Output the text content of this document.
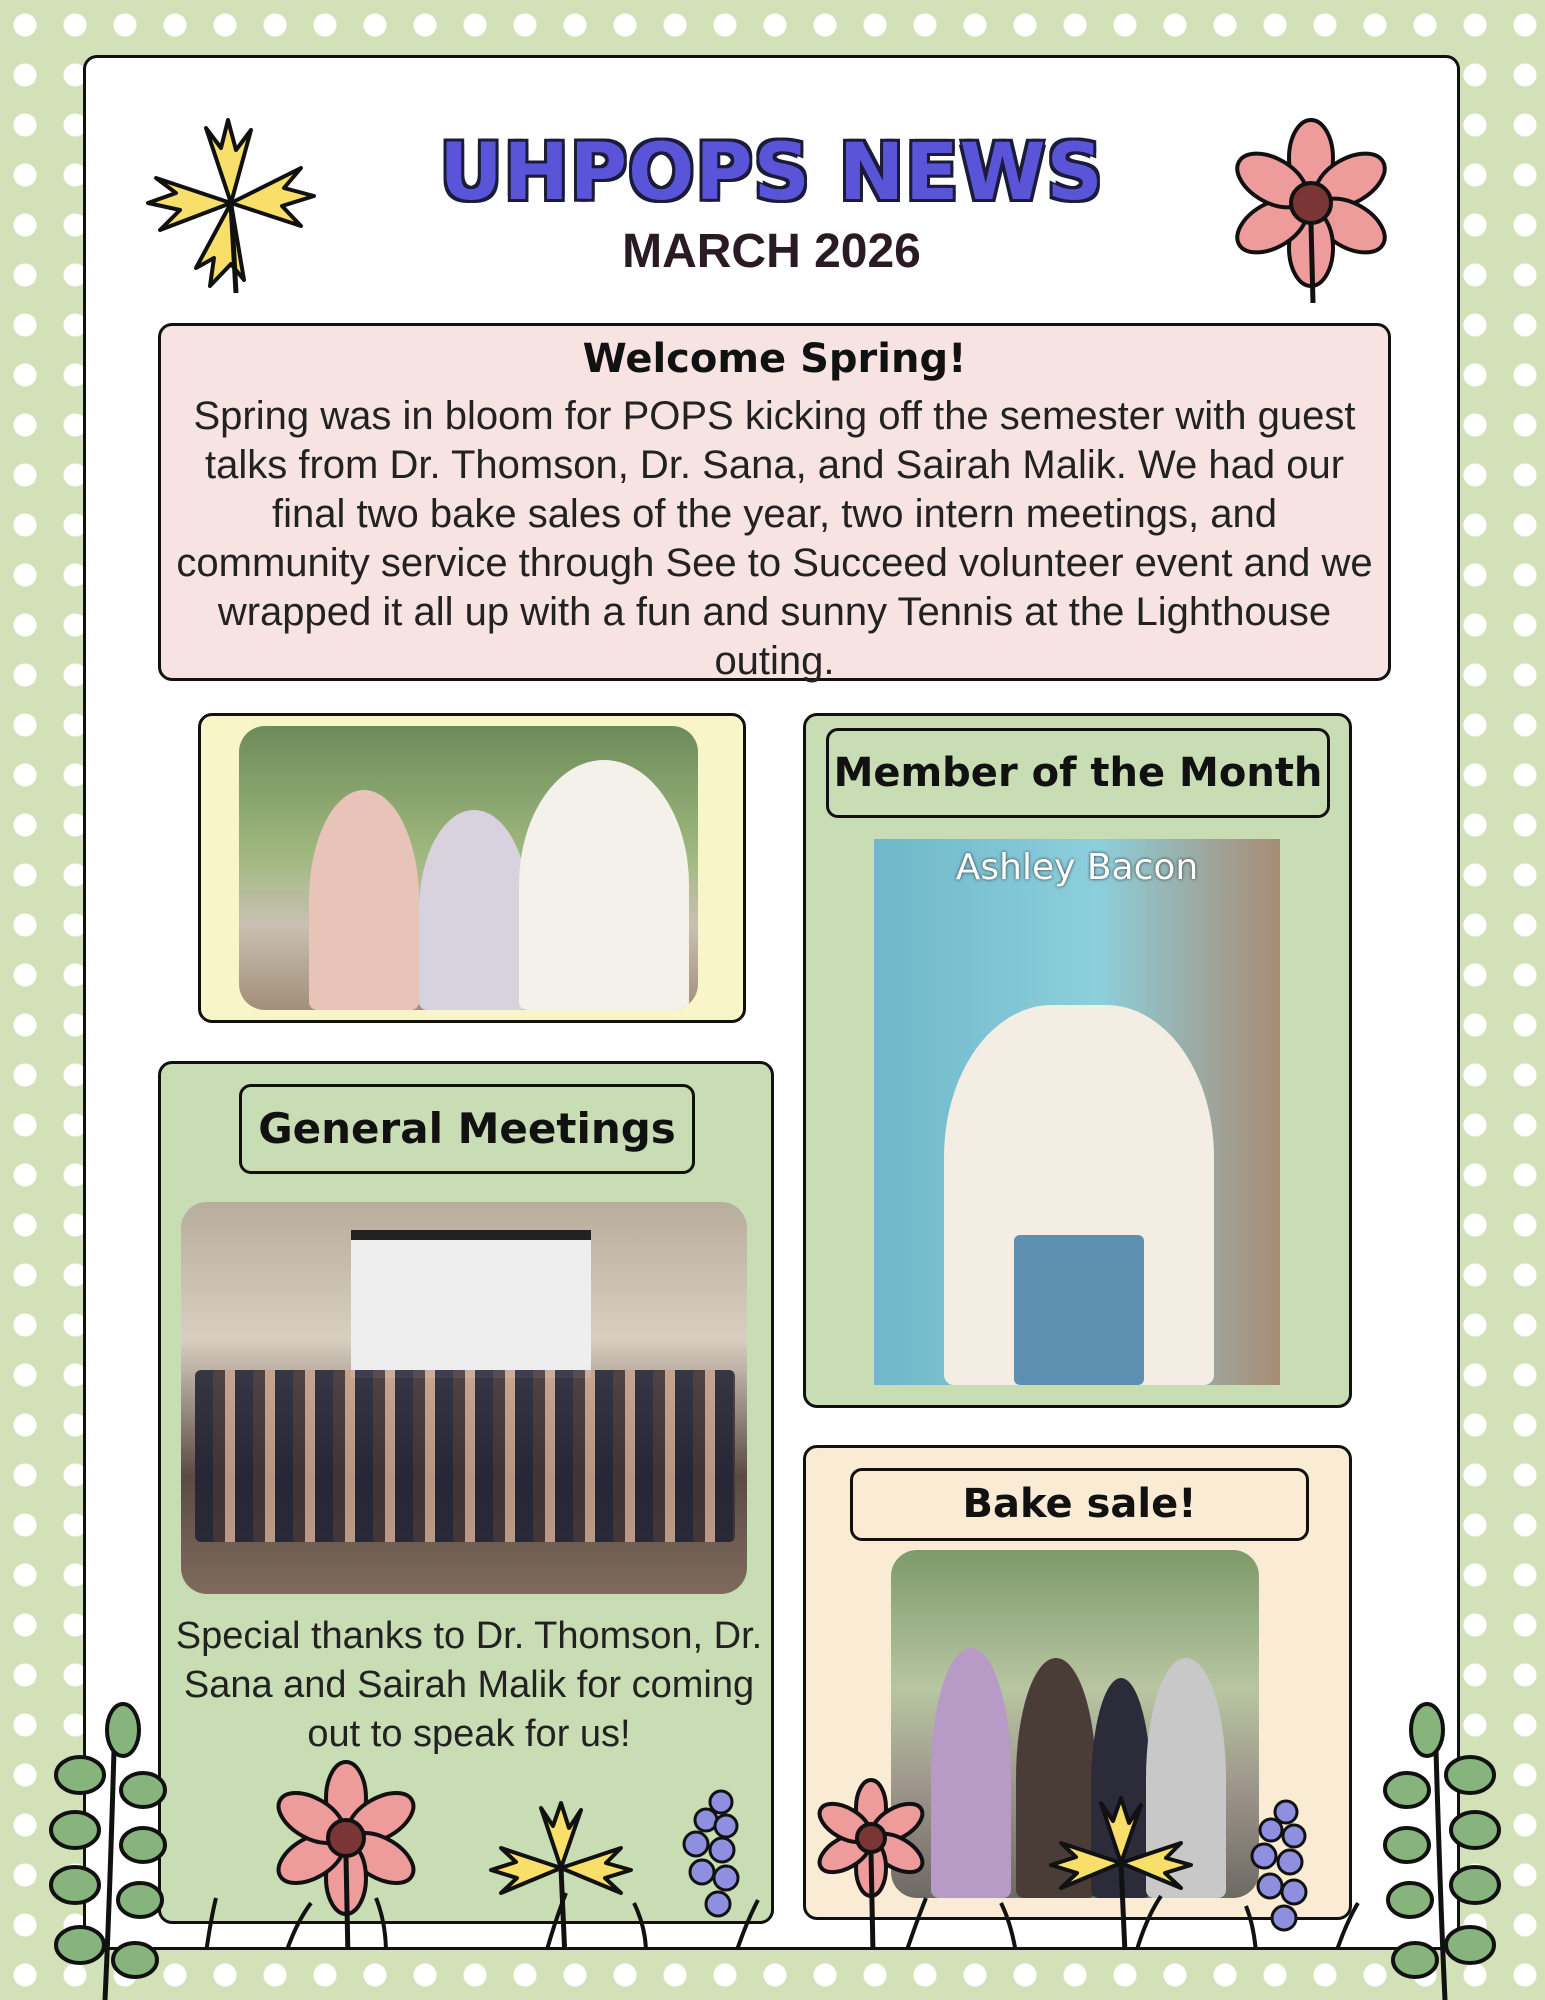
UHPOPS NEWS
MARCH 2026
Welcome Spring!

Spring was in bloom for POPS kicking off the semester with guest talks from Dr. Thomson, Dr. Sana, and Sairah Malik. We had our final two bake sales of the year, two intern meetings, and community service through See to Succeed volunteer event and we wrapped it all up with a fun and sunny Tennis at the Lighthouse outing.

Member of the Month
Ashley Bacon
General Meetings
Special thanks to Dr. Thomson, Dr. Sana and Sairah Malik for coming out to speak for us!
Bake sale!
